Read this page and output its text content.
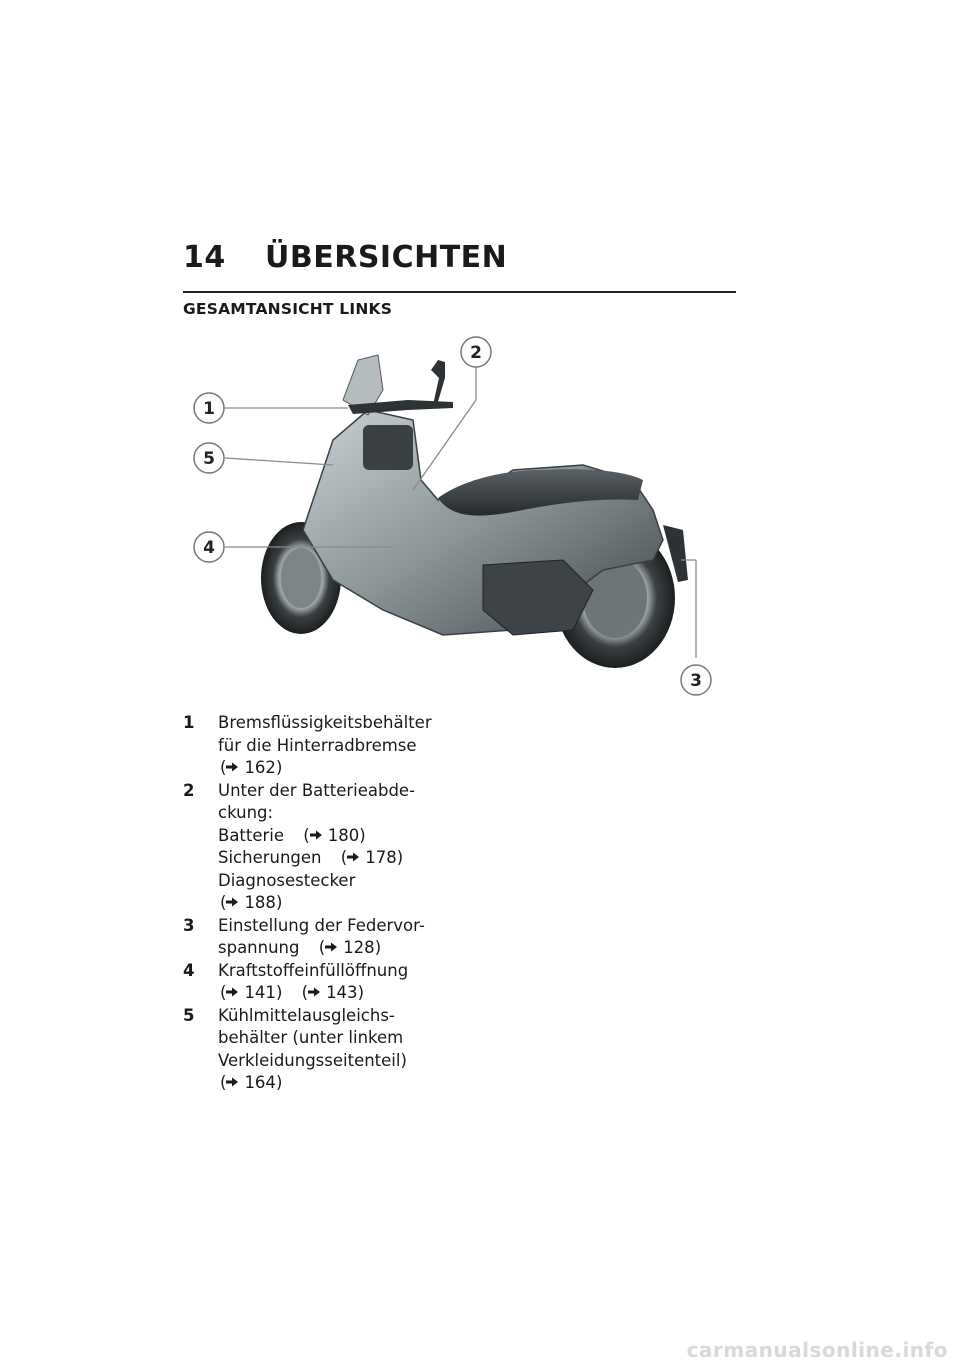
14 ÜBERSICHTEN
GESAMTANSICHT LINKS
1
2
3
4
5
1	Bremsflüssigkeitsbehälter
für die Hinterradbremse
( 162)
2	Unter der Batterieabde-
ckung:
Batterie ( 180)
Sicherungen ( 178)
Diagnosestecker
( 188)
3	Einstellung der Federvor-
spannung ( 128)
4	Kraftstoffeinfüllöffnung
( 141) ( 143)
5	Kühlmittelausgleichs-
behälter (unter linkem
Verkleidungsseitenteil)
( 164)
carmanualsonline.info
